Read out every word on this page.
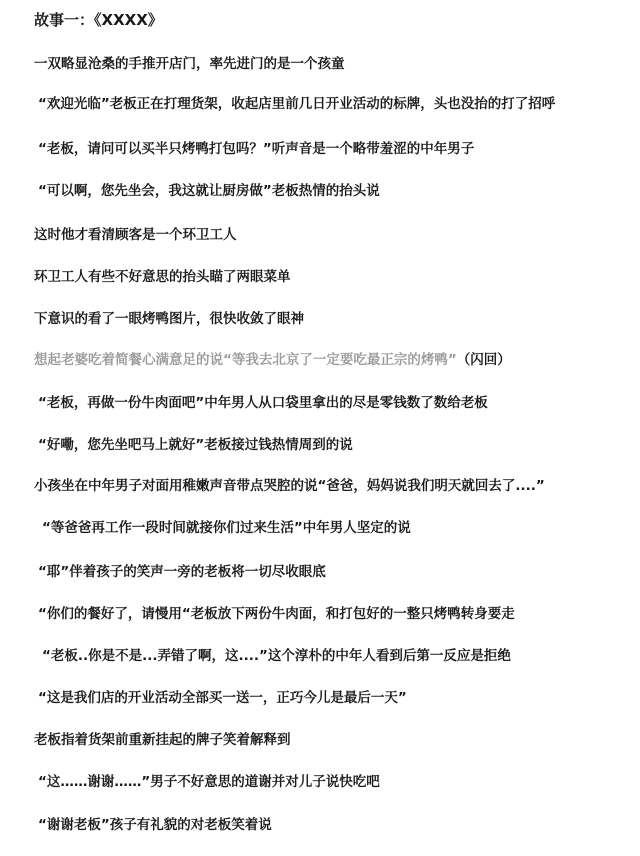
故事一：《XXXX》
一双略显沧桑的手推开店门，率先进门的是一个孩童
“欢迎光临”老板正在打理货架，收起店里前几日开业活动的标牌，头也没抬的打了招呼
“老板，请问可以买半只烤鸭打包吗？”听声音是一个略带羞涩的中年男子
“可以啊，您先坐会，我这就让厨房做”老板热情的抬头说
这时他才看清顾客是一个环卫工人
环卫工人有些不好意思的抬头瞄了两眼菜单
下意识的看了一眼烤鸭图片，很快收敛了眼神
想起老婆吃着简餐心满意足的说“等我去北京了一定要吃最正宗的烤鸭”（闪回）
“老板，再做一份牛肉面吧”中年男人从口袋里拿出的尽是零钱数了数给老板
“好嘞，您先坐吧马上就好”老板接过钱热情周到的说
小孩坐在中年男子对面用稚嫩声音带点哭腔的说“爸爸，妈妈说我们明天就回去了....”
“等爸爸再工作一段时间就接你们过来生活”中年男人坚定的说
“耶”伴着孩子的笑声一旁的老板将一切尽收眼底
“你们的餐好了，请慢用“老板放下两份牛肉面，和打包好的一整只烤鸭转身要走
“老板..你是不是...弄错了啊，这....”这个淳朴的中年人看到后第一反应是拒绝
“这是我们店的开业活动全部买一送一，正巧今儿是最后一天”
老板指着货架前重新挂起的牌子笑着解释到
“这……谢谢……”男子不好意思的道谢并对儿子说快吃吧
“谢谢老板”孩子有礼貌的对老板笑着说
